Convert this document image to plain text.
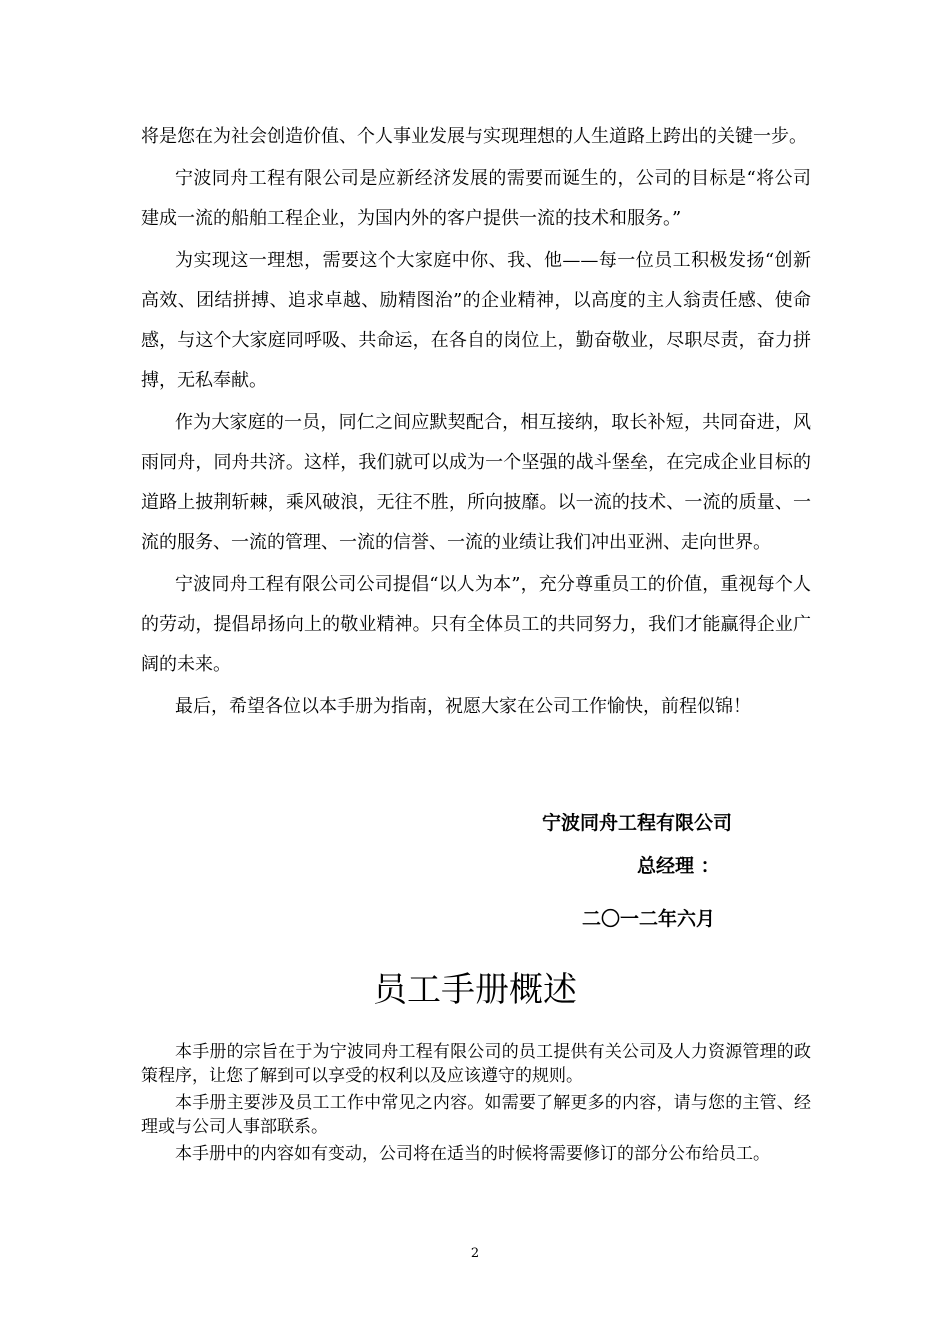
将是您在为社会创造价值、个人事业发展与实现理想的人生道路上跨出的关键一步。

宁波同舟工程有限公司是应新经济发展的需要而诞生的，公司的目标是“将公司建成一流的船舶工程企业，为国内外的客户提供一流的技术和服务。”

为实现这一理想，需要这个大家庭中你、我、他——每一位员工积极发扬“创新高效、团结拼搏、追求卓越、励精图治”的企业精神，以高度的主人翁责任感、使命感，与这个大家庭同呼吸、共命运，在各自的岗位上，勤奋敬业，尽职尽责，奋力拼搏，无私奉献。

作为大家庭的一员，同仁之间应默契配合，相互接纳，取长补短，共同奋进，风雨同舟，同舟共济。这样，我们就可以成为一个坚强的战斗堡垒，在完成企业目标的道路上披荆斩棘，乘风破浪，无往不胜，所向披靡。以一流的技术、一流的质量、一流的服务、一流的管理、一流的信誉、一流的业绩让我们冲出亚洲、走向世界。

宁波同舟工程有限公司公司提倡“以人为本”，充分尊重员工的价值，重视每个人的劳动，提倡昂扬向上的敬业精神。只有全体员工的共同努力，我们才能赢得企业广阔的未来。

最后，希望各位以本手册为指南，祝愿大家在公司工作愉快，前程似锦！

宁波同舟工程有限公司
总经理 ：
二〇一二年六月
员工手册概述

本手册的宗旨在于为宁波同舟工程有限公司的员工提供有关公司及人力资源管理的政策程序，让您了解到可以享受的权利以及应该遵守的规则。

本手册主要涉及员工工作中常见之内容。如需要了解更多的内容，请与您的主管、经理或与公司人事部联系。

本手册中的内容如有变动，公司将在适当的时候将需要修订的部分公布给员工。

2
